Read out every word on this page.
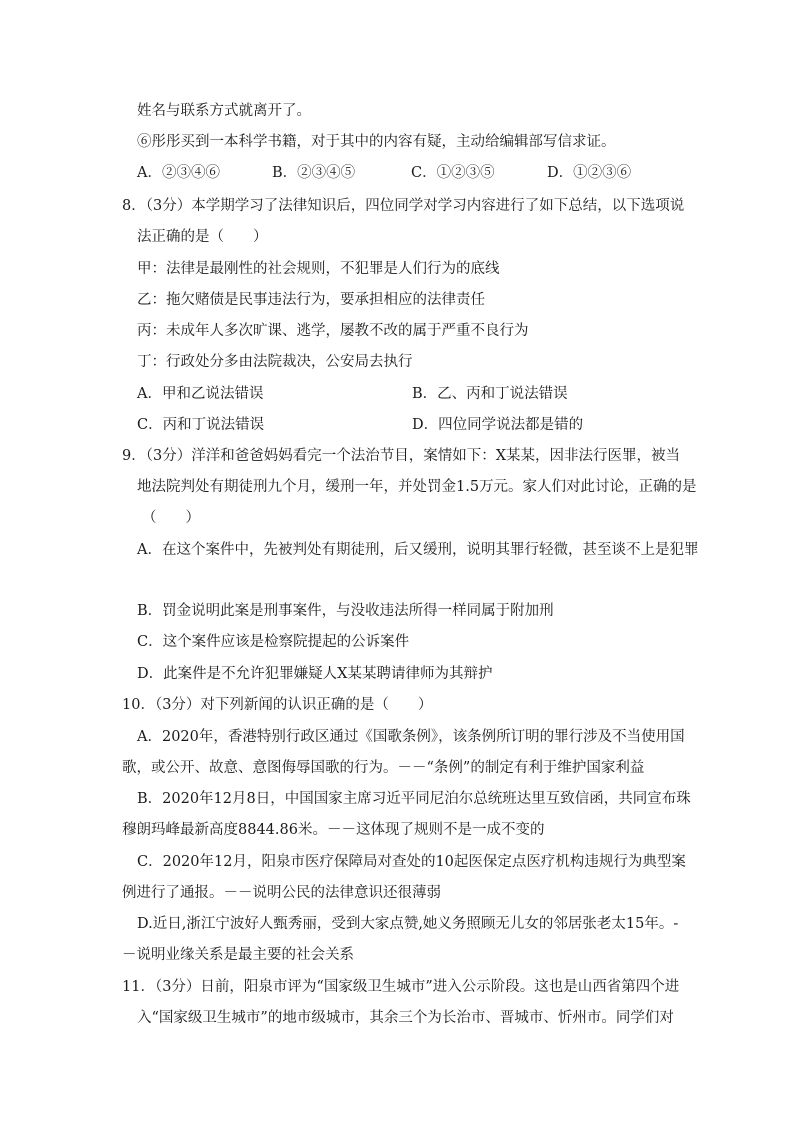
姓名与联系方式就离开了。
⑥彤彤买到一本科学书籍，对于其中的内容有疑，主动给编辑部写信求证。
A．②③④⑥	B．②③④⑤	C．①②③⑤	D．①②③⑥
8．（3分）本学期学习了法律知识后，四位同学对学习内容进行了如下总结，以下选项说
法正确的是（　　）
甲：法律是最刚性的社会规则，不犯罪是人们行为的底线
乙：拖欠赌债是民事违法行为，要承担相应的法律责任
丙：未成年人多次旷课、逃学，屡教不改的属于严重不良行为
丁：行政处分多由法院裁决，公安局去执行
A．甲和乙说法错误	B．乙、丙和丁说法错误
C．丙和丁说法错误	D．四位同学说法都是错的
9．（3分）洋洋和爸爸妈妈看完一个法治节目，案情如下：X某某，因非法行医罪，被当
地法院判处有期徒刑九个月，缓刑一年，并处罚金1.5万元。家人们对此讨论，正确的是
（　　）
A．在这个案件中，先被判处有期徒刑，后又缓刑，说明其罪行轻微，甚至谈不上是犯罪
B．罚金说明此案是刑事案件，与没收违法所得一样同属于附加刑
C．这个案件应该是检察院提起的公诉案件
D．此案件是不允许犯罪嫌疑人X某某聘请律师为其辩护
10．（3分）对下列新闻的认识正确的是（　　）
A．2020年，香港特别行政区通过《国歌条例》，该条例所订明的罪行涉及不当使用国
歌，或公开、故意、意图侮辱国歌的行为。－－“条例”的制定有利于维护国家利益
B．2020年12月8日，中国国家主席习近平同尼泊尔总统班达里互致信函，共同宣布珠
穆朗玛峰最新高度8844.86米。－－这体现了规则不是一成不变的
C．2020年12月，阳泉市医疗保障局对查处的10起医保定点医疗机构违规行为典型案
例进行了通报。－－说明公民的法律意识还很薄弱
D.近日,浙江宁波好人甄秀丽，受到大家点赞,她义务照顾无儿女的邻居张老太15年。-
－说明业缘关系是最主要的社会关系
11．（3分）日前，阳泉市评为“国家级卫生城市”进入公示阶段。这也是山西省第四个进
入“国家级卫生城市”的地市级城市，其余三个为长治市、晋城市、忻州市。同学们对
